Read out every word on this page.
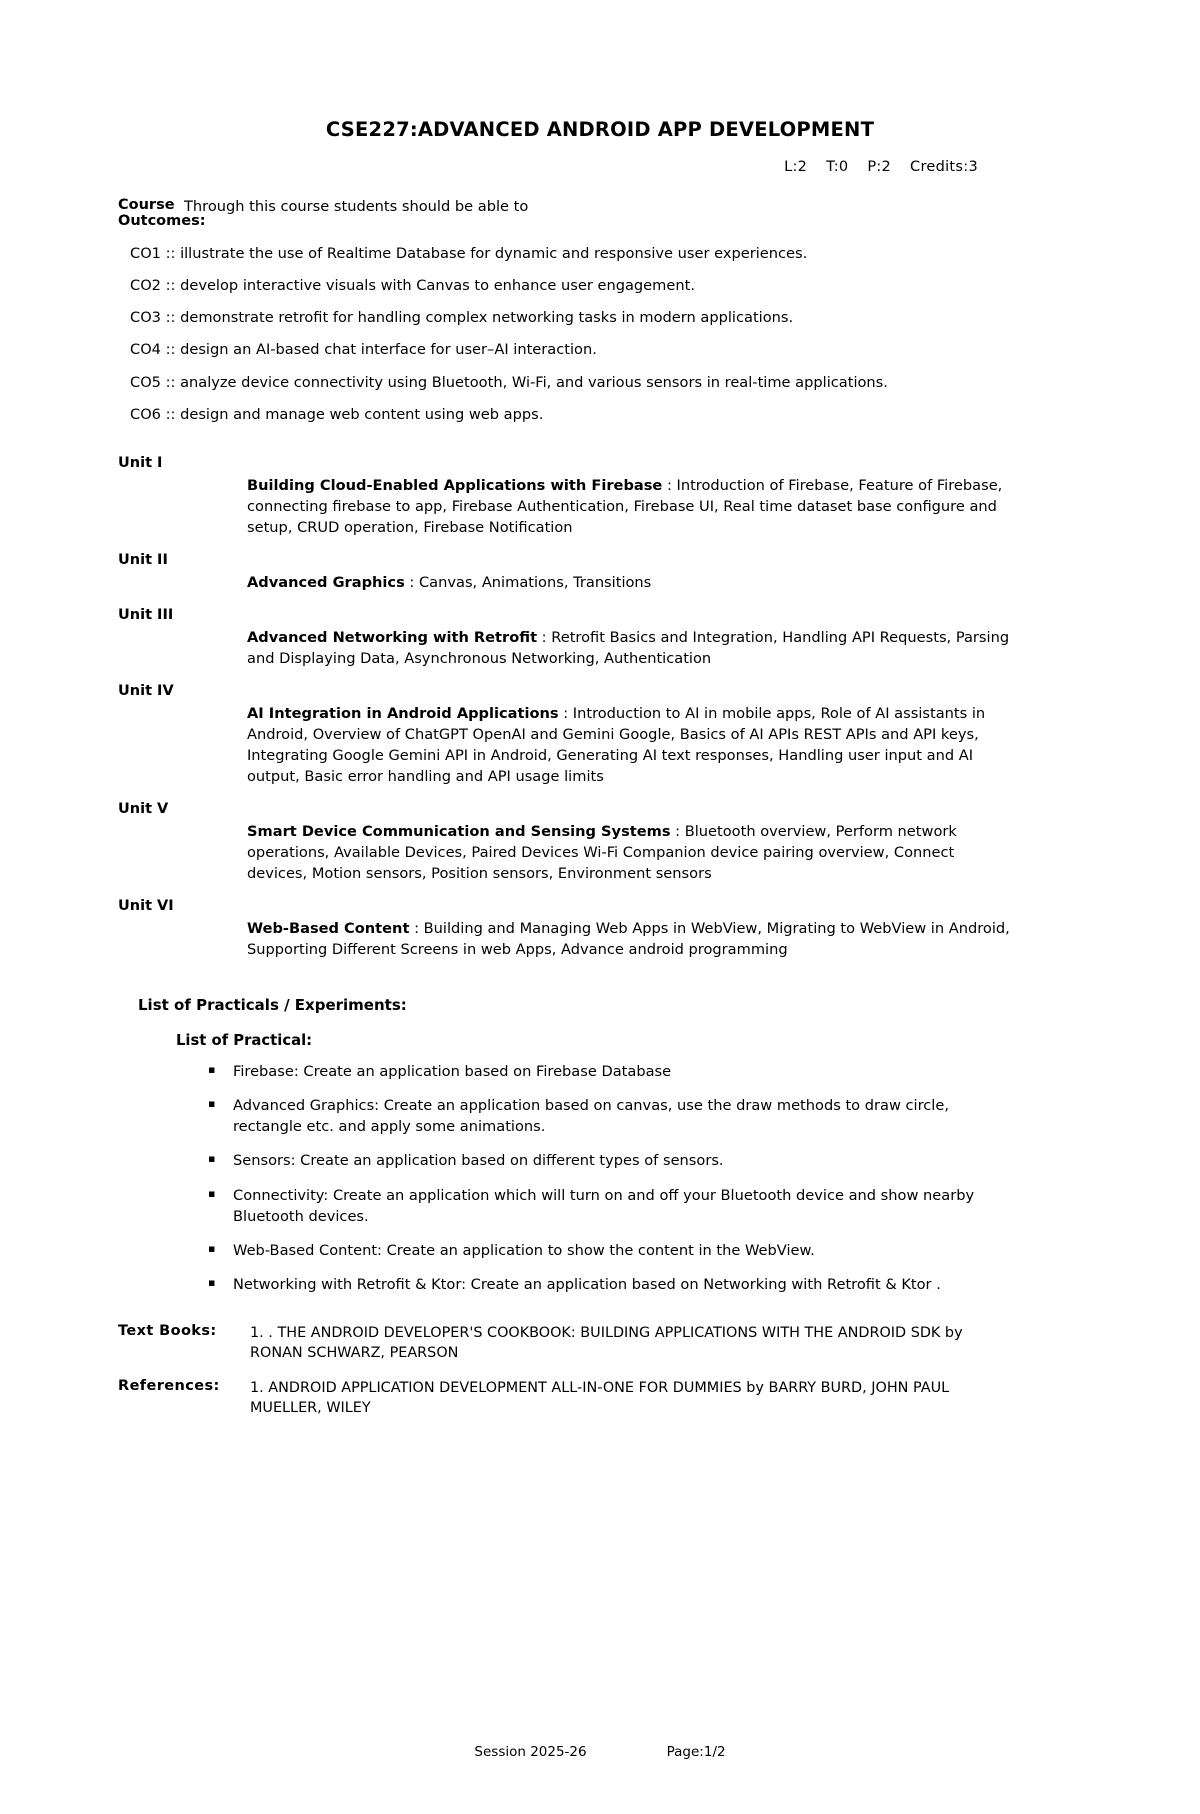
CSE227:ADVANCED ANDROID APP DEVELOPMENT
L:2 T:0 P:2 Credits:3
Course Outcomes:
Through this course students should be able to
CO1 :: illustrate the use of Realtime Database for dynamic and responsive user experiences.
CO2 :: develop interactive visuals with Canvas to enhance user engagement.
CO3 :: demonstrate retrofit for handling complex networking tasks in modern applications.
CO4 :: design an AI-based chat interface for user–AI interaction.
CO5 :: analyze device connectivity using Bluetooth, Wi-Fi, and various sensors in real-time applications.
CO6 :: design and manage web content using web apps.
Unit I
Building Cloud-Enabled Applications with Firebase : Introduction of Firebase, Feature of Firebase, connecting firebase to app, Firebase Authentication, Firebase UI, Real time dataset base configure and setup, CRUD operation, Firebase Notification
Unit II
Advanced Graphics : Canvas, Animations, Transitions
Unit III
Advanced Networking with Retrofit : Retrofit Basics and Integration, Handling API Requests, Parsing and Displaying Data, Asynchronous Networking, Authentication
Unit IV
AI Integration in Android Applications : Introduction to AI in mobile apps, Role of AI assistants in Android, Overview of ChatGPT OpenAI and Gemini Google, Basics of AI APIs REST APIs and API keys, Integrating Google Gemini API in Android, Generating AI text responses, Handling user input and AI output, Basic error handling and API usage limits
Unit V
Smart Device Communication and Sensing Systems : Bluetooth overview, Perform network operations, Available Devices, Paired Devices Wi-Fi Companion device pairing overview, Connect devices, Motion sensors, Position sensors, Environment sensors
Unit VI
Web-Based Content : Building and Managing Web Apps in WebView, Migrating to WebView in Android, Supporting Different Screens in web Apps, Advance android programming
List of Practicals / Experiments:
List of Practical:
▪ Firebase: Create an application based on Firebase Database
▪ Advanced Graphics: Create an application based on canvas, use the draw methods to draw circle, rectangle etc. and apply some animations.
▪ Sensors: Create an application based on different types of sensors.
▪ Connectivity: Create an application which will turn on and off your Bluetooth device and show nearby Bluetooth devices.
▪ Web-Based Content: Create an application to show the content in the WebView.
▪ Networking with Retrofit & Ktor: Create an application based on Networking with Retrofit & Ktor .
Text Books:	1. . THE ANDROID DEVELOPER'S COOKBOOK: BUILDING APPLICATIONS WITH THE ANDROID SDK by RONAN SCHWARZ, PEARSON
References:	1. ANDROID APPLICATION DEVELOPMENT ALL-IN-ONE FOR DUMMIES by BARRY BURD, JOHN PAUL MUELLER, WILEY
Session 2025-26	Page:1/2
